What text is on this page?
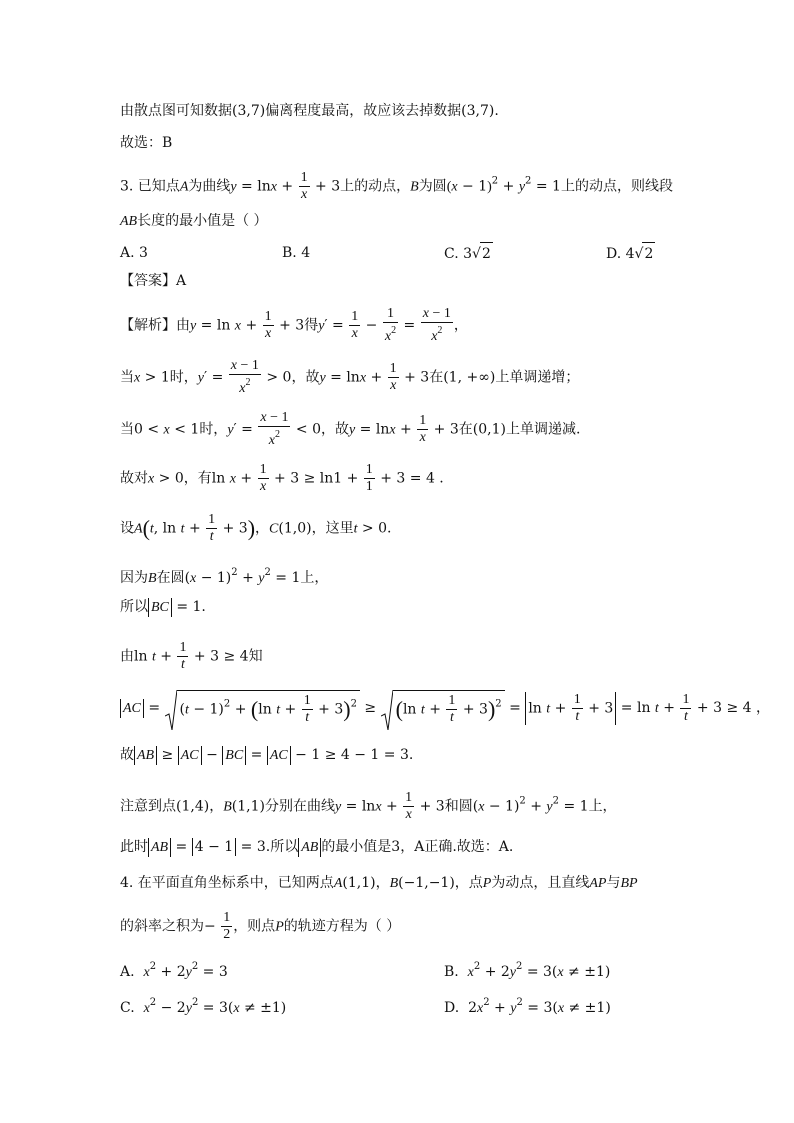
由散点图可知数据(3,7)偏离程度最高，故应该去掉数据(3,7).
故选：B
3. 已知点A为曲线$y = \ln x + \frac{1}{x} + 3$上的动点，B为圆$(x - 1)^2 + y^2 = 1$上的动点，则线段
AB长度的最小值是（ ）
A. 3	B. 4	C. 3√2	D. 4√2
【答案】A
【解析】由$y = \ln x + \frac{1}{x} + 3$得$y' = \frac{1}{x} - \frac{1}{x^2} = \frac{x - 1}{x^2}$ ，
当x > 1时，$y' = \frac{x - 1}{x^2} > 0$，故$y = \ln x + \frac{1}{x} + 3$在(1, +∞)上单调递增；
当0 < x < 1时，$y' = \frac{x - 1}{x^2} < 0$，故$y = \ln x + \frac{1}{x} + 3$在(0,1)上单调递减.
故对x > 0，有$\ln x + \frac{1}{x} + 3 \ge \ln 1 + \frac{1}{1} + 3 = 4$ .
设A(t, $\ln t + \frac{1}{t} + 3$)，C(1,0)，这里t > 0.
因为B在圆$(x - 1)^2 + y^2 = 1$上，
所以 BC = 1.
由$\ln t + \frac{1}{t} + 3 \ge 4$知
AC =
$(t - 1)^2 + (\ln$ $t + \frac{1}{t} + 3)^2$ ≥
(ln $t + \frac{1}{t} + 3)^2 = \ln t + \frac{1}{t} + 3 = \ln t + \frac{1}{t} + 3 \ge 4$ ，
故 AB ≥ AC − BC = AC − 1 ≥ 4 − 1 = 3.
注意到点(1,4)，B(1,1)分别在曲线$y = \ln x + \frac{1}{x} + 3$和圆$(x - 1)^2 + y^2 = 1$上，
此时 AB = 4 − 1 = 3.所以 AB 的最小值是3，A正确.故选：A.
4. 在平面直角坐标系中，已知两点A(1,1)，B(−1,−1)，点P为动点，且直线AP与BP
的斜率之积为− $\frac{1}{2}$ ，则点P的轨迹方程为（ ）
A. $x^2 + 2y^2 = 3$	B. $x^2 + 2y^2 = 3(x \ne \pm 1)$
C. $x^2 - 2y^2 = 3(x \ne \pm 1)$	D.  $2x^2 + y^2 = 3(x \ne \pm 1)$
